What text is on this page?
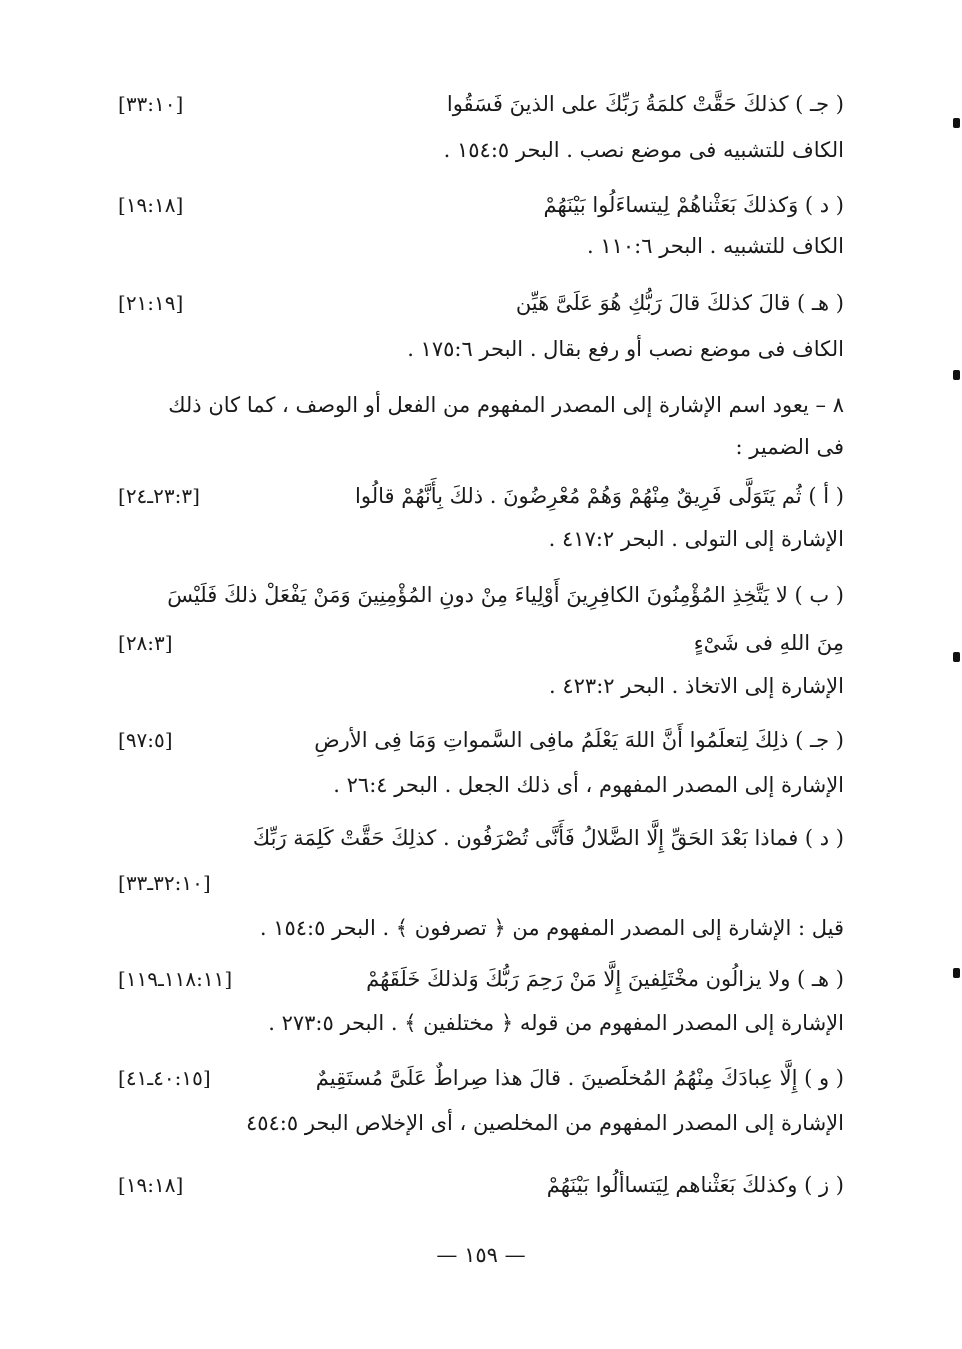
( جـ ) كذلكَ حَقَّتْ كلمَةُ رَبِّكَ على الذينَ فَسَقُوا
[٣٣:١٠]
الكاف للتشبيه فى موضع نصب . البحر ١٥٤:٥ .
( د ) وَكذلكَ بَعَثْناهُمْ لِيتساءَلُوا بَيْنَهُمْ
[١٩:١٨]
الكاف للتشبيه . البحر ١١٠:٦ .
( هـ ) قالَ كذلكَ قالَ رَبُّكِ هُوَ عَلَىَّ هَيِّن
[٢١:١٩]
الكاف فى موضع نصب أو رفع بقال . البحر ١٧٥:٦ .
٨ – يعود اسم الإشارة إلى المصدر المفهوم من الفعل أو الوصف ، كما كان ذلك
فى الضمير :
( أ ) ثُم يَتَوَلَّى فَرِيقٌ مِنْهُمْ وَهُمْ مُعْرِضُونَ . ذلكَ بِأَنَّهُمْ قالُوا
[٢٣:٣ـ٢٤]
الإشارة إلى التولى . البحر ٤١٧:٢ .
( ب ) لا يَتَّخِذِ المُؤْمِنُونَ الكافِرِينَ أَوْلِياءَ مِنْ دونِ المُؤْمِنِينَ وَمَنْ يَفْعَلْ ذلكَ فَلَيْسَ
مِنَ اللهِ فى شَىْءٍ
[٢٨:٣]
الإشارة إلى الاتخاذ . البحر ٤٢٣:٢ .
( جـ ) ذلِكَ لِتعلَمُوا أَنَّ اللهَ يَعْلَمُ مافِى السَّمواتِ وَمَا فِى الأرضِ
[٩٧:٥]
الإشارة إلى المصدر المفهوم ، أى ذلك الجعل . البحر ٢٦:٤ .
( د ) فماذا بَعْدَ الحَقِّ إِلَّا الضَّلالُ فَأَنَّى تُصْرَفُون . كذلِكَ حَقَّتْ كَلِمَة رَبِّكَ
[٣٢:١٠ـ٣٣]
قيل : الإشارة إلى المصدر المفهوم من ﴿ تصرفون ﴾ . البحر ١٥٤:٥ .
( هـ ) ولا يزالُون مخْتَلِفينَ إِلَّا مَنْ رَحِمَ رَبُّكَ وَلذلكَ خَلَقَهُمْ
[١١٨:١١ـ١١٩]
الإشارة إلى المصدر المفهوم من قوله ﴿ مختلفين ﴾ . البحر ٢٧٣:٥ .
( و ) إِلَّا عِبادَكَ مِنْهُمُ المُخلَصينَ . قالَ هذا صِراطٌ عَلَىَّ مُستَقِيمٌ
[٤٠:١٥ـ٤١]
الإشارة إلى المصدر المفهوم من المخلصين ، أى الإخلاص البحر ٤٥٤:٥
( ز ) وكذلكَ بَعَثْناهم لِيَتساألُوا بَيْنَهُمْ
[١٩:١٨]
— ١٥٩ —
